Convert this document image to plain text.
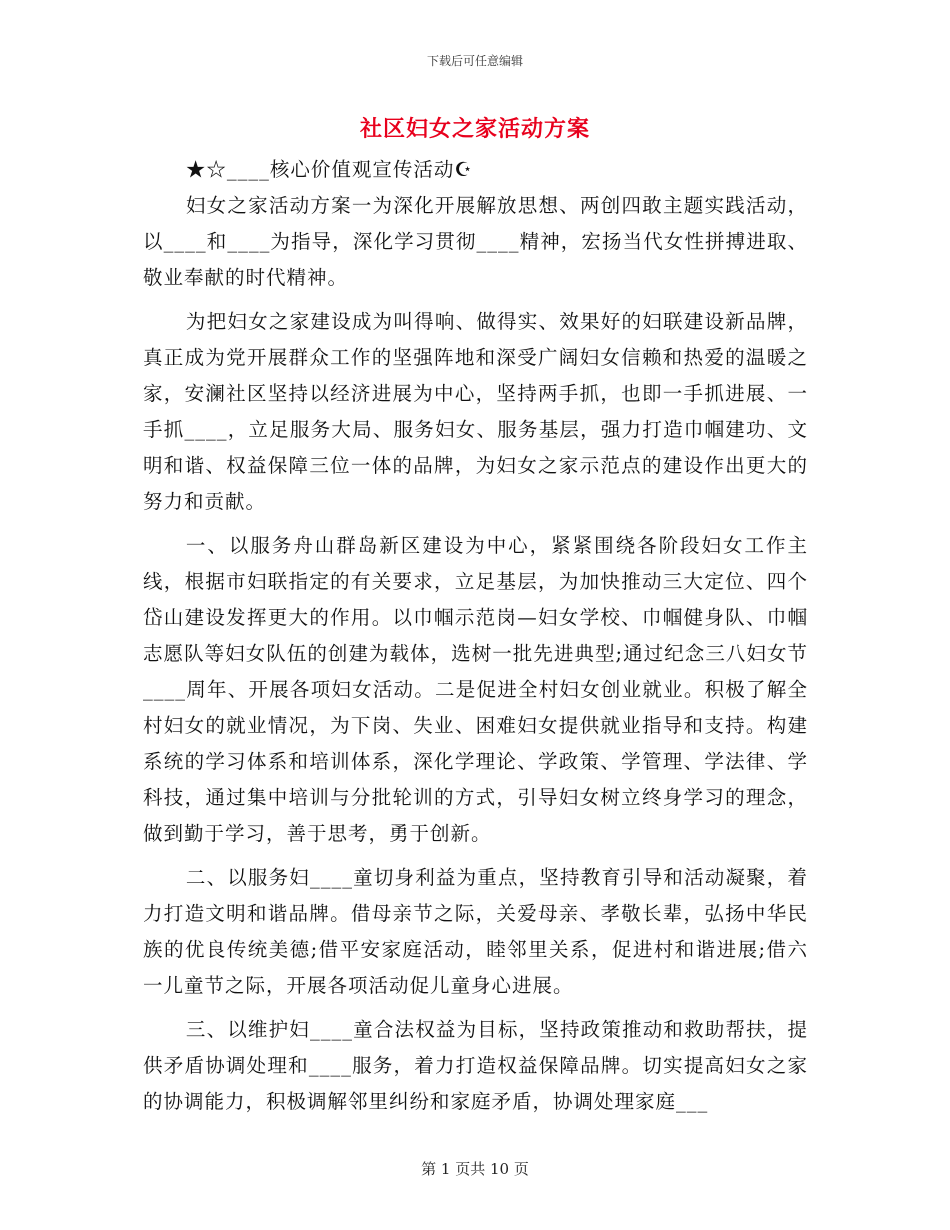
下载后可任意编辑
社区妇女之家活动方案

★☆____核心价值观宣传活动☪

妇女之家活动方案一为深化开展解放思想、两创四敢主题实践活动，以____和____为指导，深化学习贯彻____精神，宏扬当代女性拼搏进取、敬业奉献的时代精神。

为把妇女之家建设成为叫得响、做得实、效果好的妇联建设新品牌，真正成为党开展群众工作的坚强阵地和深受广阔妇女信赖和热爱的温暖之家，安澜社区坚持以经济进展为中心，坚持两手抓，也即一手抓进展、一手抓____，立足服务大局、服务妇女、服务基层，强力打造巾帼建功、文明和谐、权益保障三位一体的品牌，为妇女之家示范点的建设作出更大的努力和贡献。

一、以服务舟山群岛新区建设为中心，紧紧围绕各阶段妇女工作主线，根据市妇联指定的有关要求，立足基层，为加快推动三大定位、四个岱山建设发挥更大的作用。以巾帼示范岗—妇女学校、巾帼健身队、巾帼志愿队等妇女队伍的创建为载体，选树一批先进典型;通过纪念三八妇女节____周年、开展各项妇女活动。二是促进全村妇女创业就业。积极了解全村妇女的就业情况，为下岗、失业、困难妇女提供就业指导和支持。构建系统的学习体系和培训体系，深化学理论、学政策、学管理、学法律、学科技，通过集中培训与分批轮训的方式，引导妇女树立终身学习的理念，做到勤于学习，善于思考，勇于创新。

二、以服务妇____童切身利益为重点，坚持教育引导和活动凝聚，着力打造文明和谐品牌。借母亲节之际，关爱母亲、孝敬长辈，弘扬中华民族的优良传统美德;借平安家庭活动，睦邻里关系，促进村和谐进展;借六一儿童节之际，开展各项活动促儿童身心进展。

三、以维护妇____童合法权益为目标，坚持政策推动和救助帮扶，提供矛盾协调处理和____服务，着力打造权益保障品牌。切实提高妇女之家的协调能力，积极调解邻里纠纷和家庭矛盾，协调处理家庭___

第 1 页共 10 页
